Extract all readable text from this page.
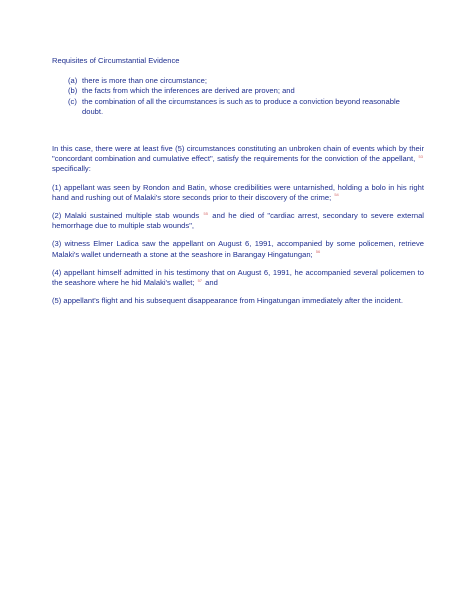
Requisites of Circumstantial Evidence
(a) there is more than one circumstance;
(b) the facts from which the inferences are derived are proven; and
(c) the combination of all the circumstances is such as to produce a conviction beyond reasonable doubt.

In this case, there were at least five (5) circumstances constituting an unbroken chain of events which by their "concordant combination and cumulative effect", satisfy the requirements for the conviction of the appellant, $^{53}$ specifically:

(1) appellant was seen by Rondon and Batin, whose credibilities were untarnished, holding a bolo in his right hand and rushing out of Malaki's store seconds prior to their discovery of the crime; $^{54}$

(2) Malaki sustained multiple stab wounds $^{55}$ and he died of "cardiac arrest, secondary to severe external hemorrhage due to multiple stab wounds",

(3) witness Elmer Ladica saw the appellant on August 6, 1991, accompanied by some policemen, retrieve Malaki's wallet underneath a stone at the seashore in Barangay Hingatungan; $^{56}$

(4) appellant himself admitted in his testimony that on August 6, 1991, he accompanied several policemen to the seashore where he hid Malaki's wallet; $^{57}$ and

(5) appellant's flight and his subsequent disappearance from Hingatungan immediately after the incident.
